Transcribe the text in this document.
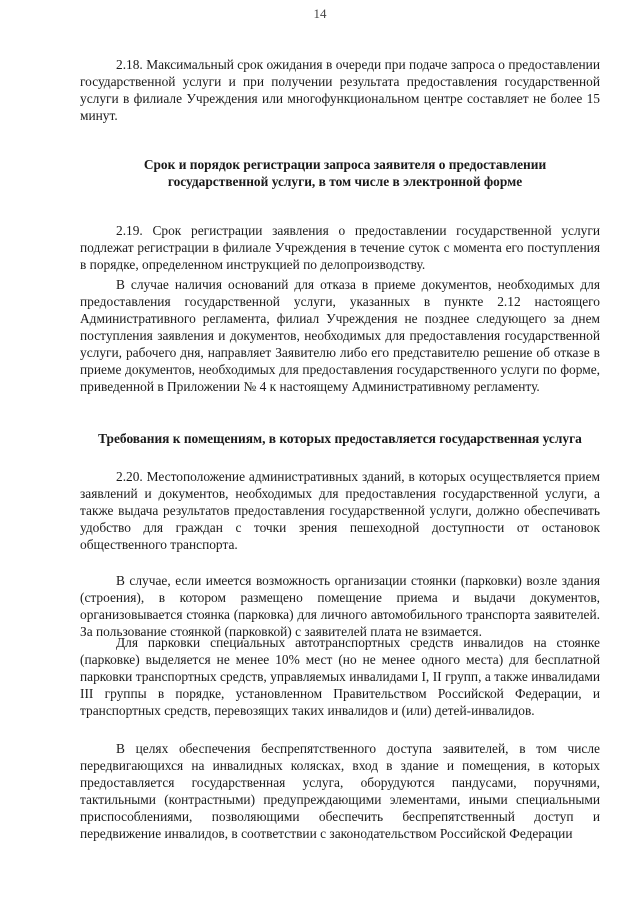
14

2.18. Максимальный срок ожидания в очереди при подаче запроса о предоставлении государственной услуги и при получении результата предоставления государственной услуги в филиале Учреждения или многофункциональном центре составляет не более 15 минут.

Срок и порядок регистрации запроса заявителя о предоставлении государственной услуги, в том числе в электронной форме

2.19. Срок регистрации заявления о предоставлении государственной услуги подлежат регистрации в филиале Учреждения в течение суток с момента его поступления в порядке, определенном инструкцией по делопроизводству.

В случае наличия оснований для отказа в приеме документов, необходимых для предоставления государственной услуги, указанных в пункте 2.12 настоящего Административного регламента, филиал Учреждения не позднее следующего за днем поступления заявления и документов, необходимых для предоставления государственной услуги, рабочего дня, направляет Заявителю либо его представителю решение об отказе в приеме документов, необходимых для предоставления государственного услуги по форме, приведенной в Приложении № 4 к настоящему Административному регламенту.

Требования к помещениям, в которых предоставляется государственная услуга

2.20. Местоположение административных зданий, в которых осуществляется прием заявлений и документов, необходимых для предоставления государственной услуги, а также выдача результатов предоставления государственной услуги, должно обеспечивать удобство для граждан с точки зрения пешеходной доступности от остановок общественного транспорта.

В случае, если имеется возможность организации стоянки (парковки) возле здания (строения), в котором размещено помещение приема и выдачи документов, организовывается стоянка (парковка) для личного автомобильного транспорта заявителей. За пользование стоянкой (парковкой) с заявителей плата не взимается.

Для парковки специальных автотранспортных средств инвалидов на стоянке (парковке) выделяется не менее 10% мест (но не менее одного места) для бесплатной парковки транспортных средств, управляемых инвалидами I, II групп, а также инвалидами III группы в порядке, установленном Правительством Российской Федерации, и транспортных средств, перевозящих таких инвалидов и (или) детей-инвалидов.

В целях обеспечения беспрепятственного доступа заявителей, в том числе передвигающихся на инвалидных колясках, вход в здание и помещения, в которых предоставляется государственная услуга, оборудуются пандусами, поручнями, тактильными (контрастными) предупреждающими элементами, иными специальными приспособлениями, позволяющими обеспечить беспрепятственный доступ и передвижение инвалидов, в соответствии с законодательством Российской Федерации
